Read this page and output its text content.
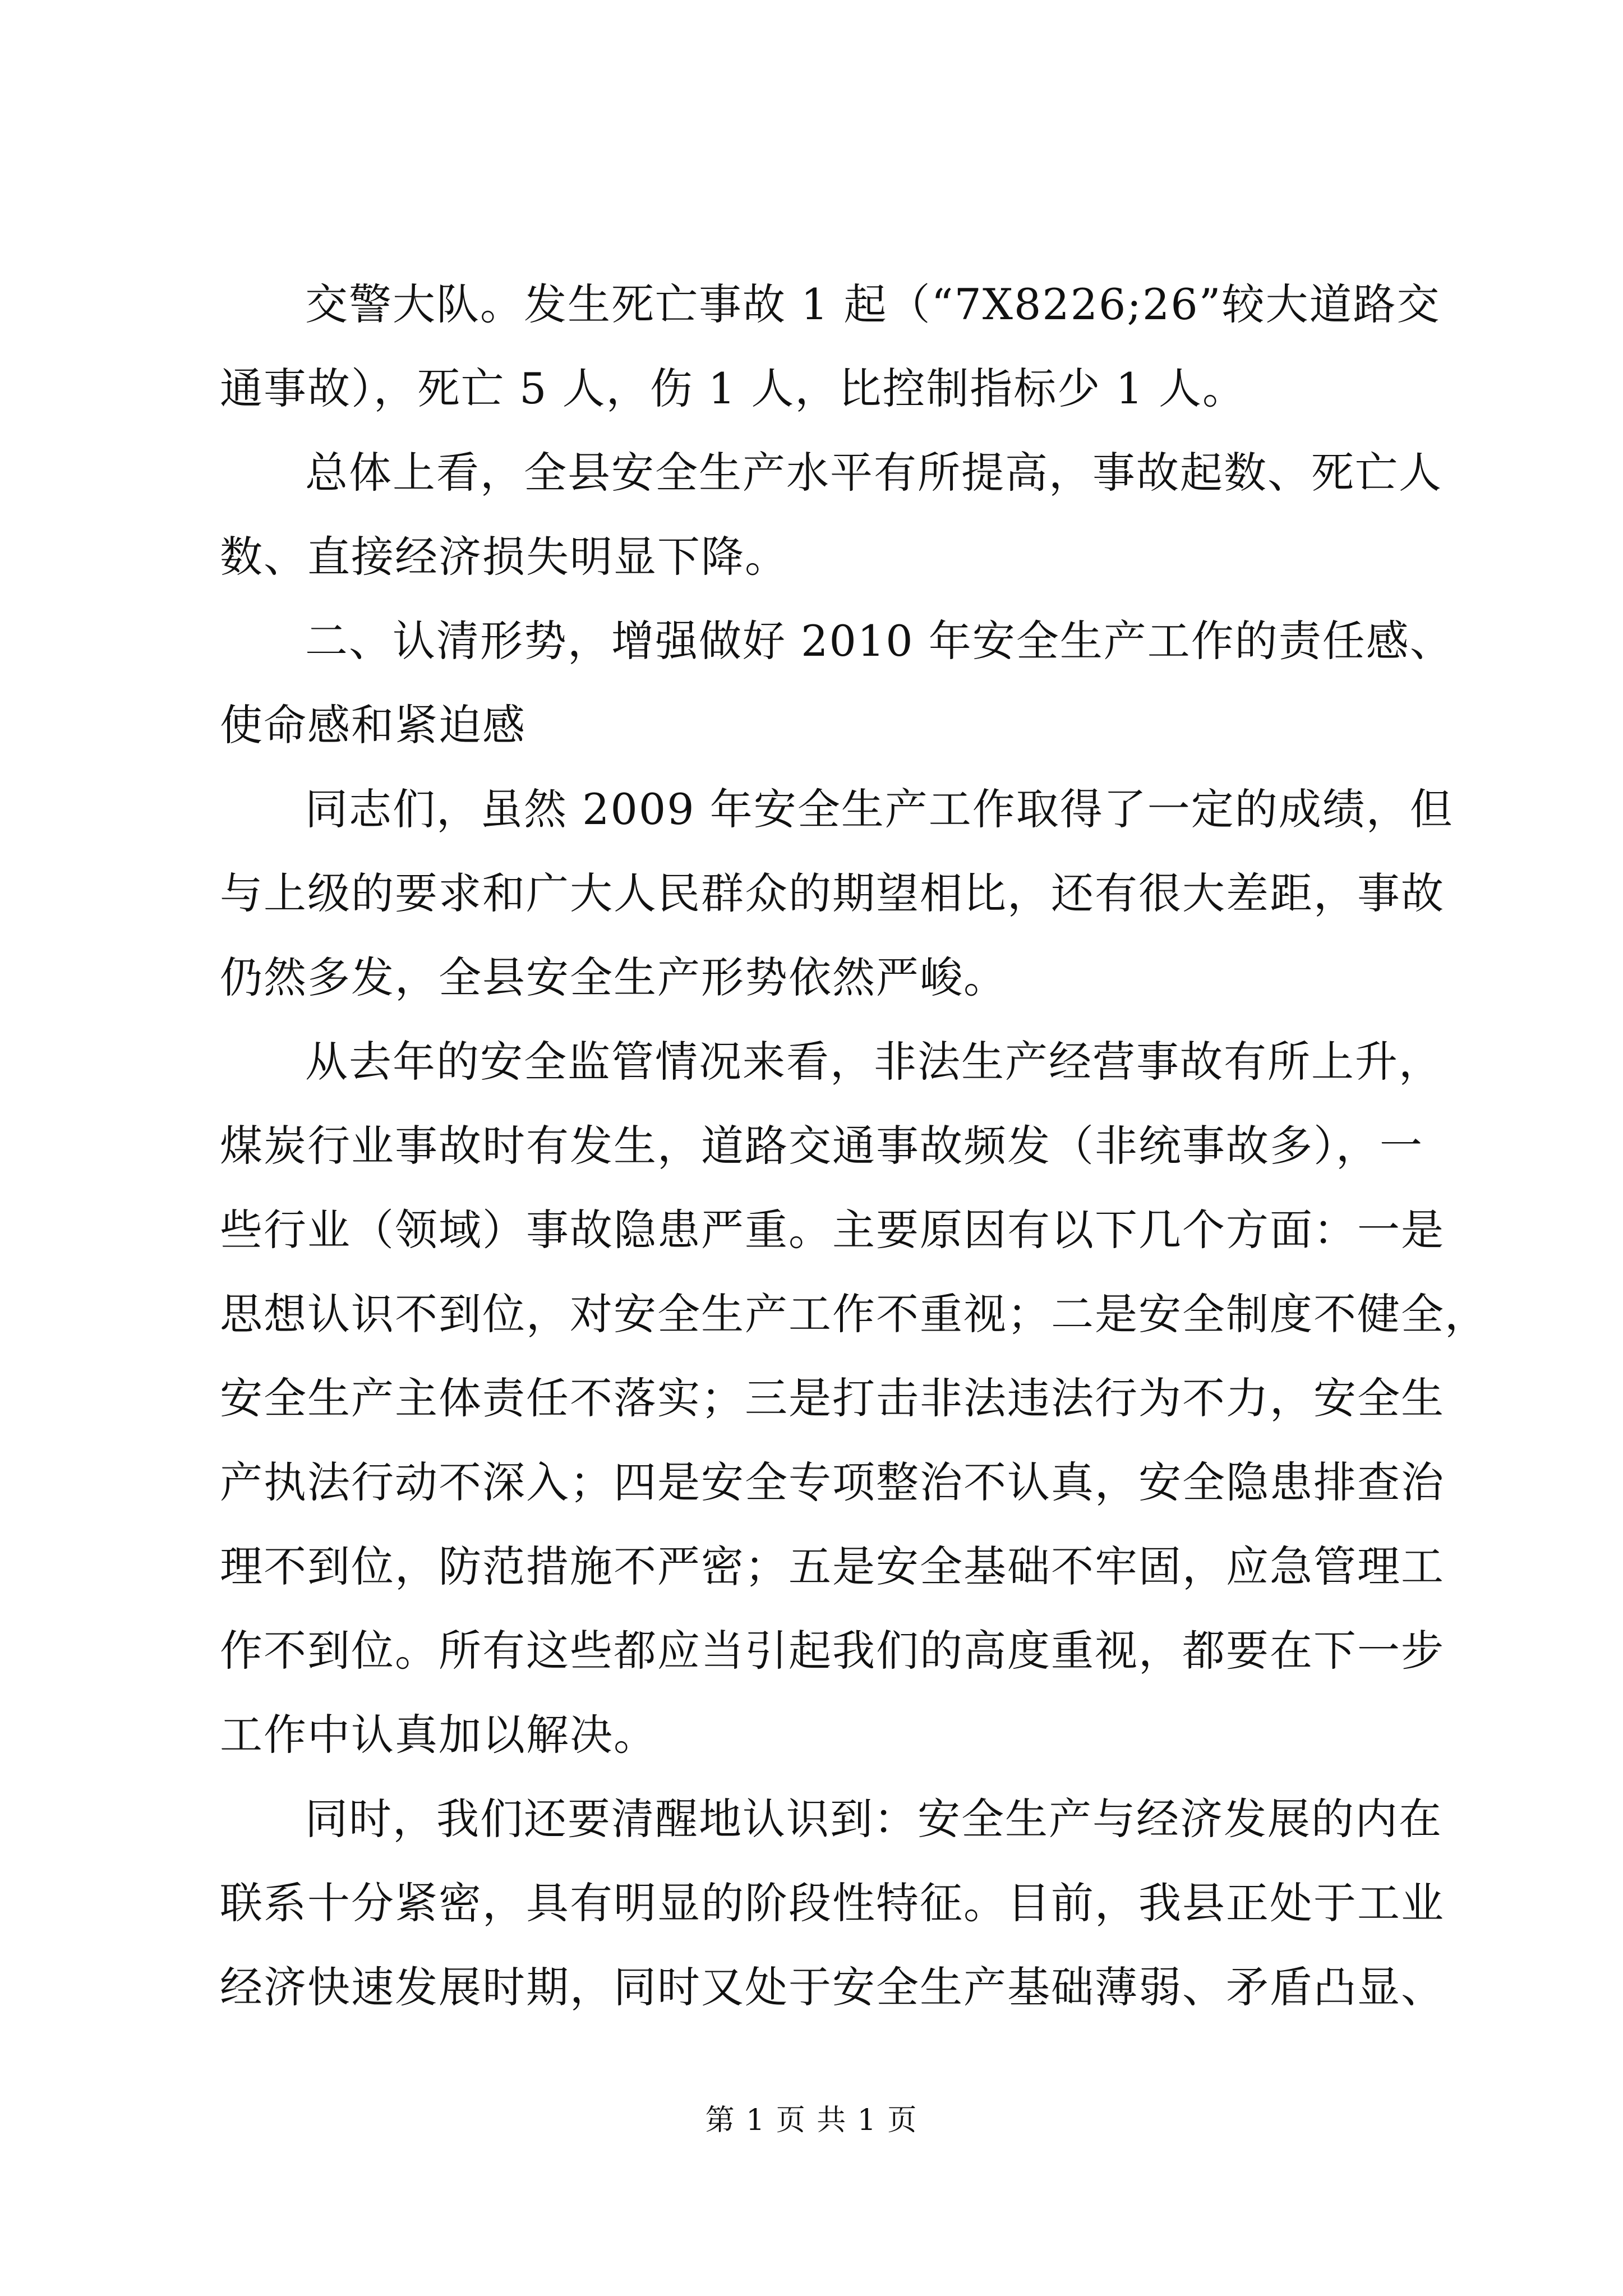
交警大队。发生死亡事故 1 起（“7X8226;26”较大道路交
通事故），死亡 5 人，伤 1 人，比控制指标少 1 人。
总体上看，全县安全生产水平有所提高，事故起数、死亡人
数、直接经济损失明显下降。
二、认清形势，增强做好 2010 年安全生产工作的责任感、
使命感和紧迫感
同志们，虽然 2009 年安全生产工作取得了一定的成绩，但
与上级的要求和广大人民群众的期望相比，还有很大差距，事故
仍然多发，全县安全生产形势依然严峻。
从去年的安全监管情况来看，非法生产经营事故有所上升，
煤炭行业事故时有发生，道路交通事故频发（非统事故多），一
些行业（领域）事故隐患严重。主要原因有以下几个方面：一是
思想认识不到位，对安全生产工作不重视；二是安全制度不健全，
安全生产主体责任不落实；三是打击非法违法行为不力，安全生
产执法行动不深入；四是安全专项整治不认真，安全隐患排查治
理不到位，防范措施不严密；五是安全基础不牢固，应急管理工
作不到位。所有这些都应当引起我们的高度重视，都要在下一步
工作中认真加以解决。
同时，我们还要清醒地认识到：安全生产与经济发展的内在
联系十分紧密，具有明显的阶段性特征。目前，我县正处于工业
经济快速发展时期，同时又处于安全生产基础薄弱、矛盾凸显、
第 1 页 共 1 页
